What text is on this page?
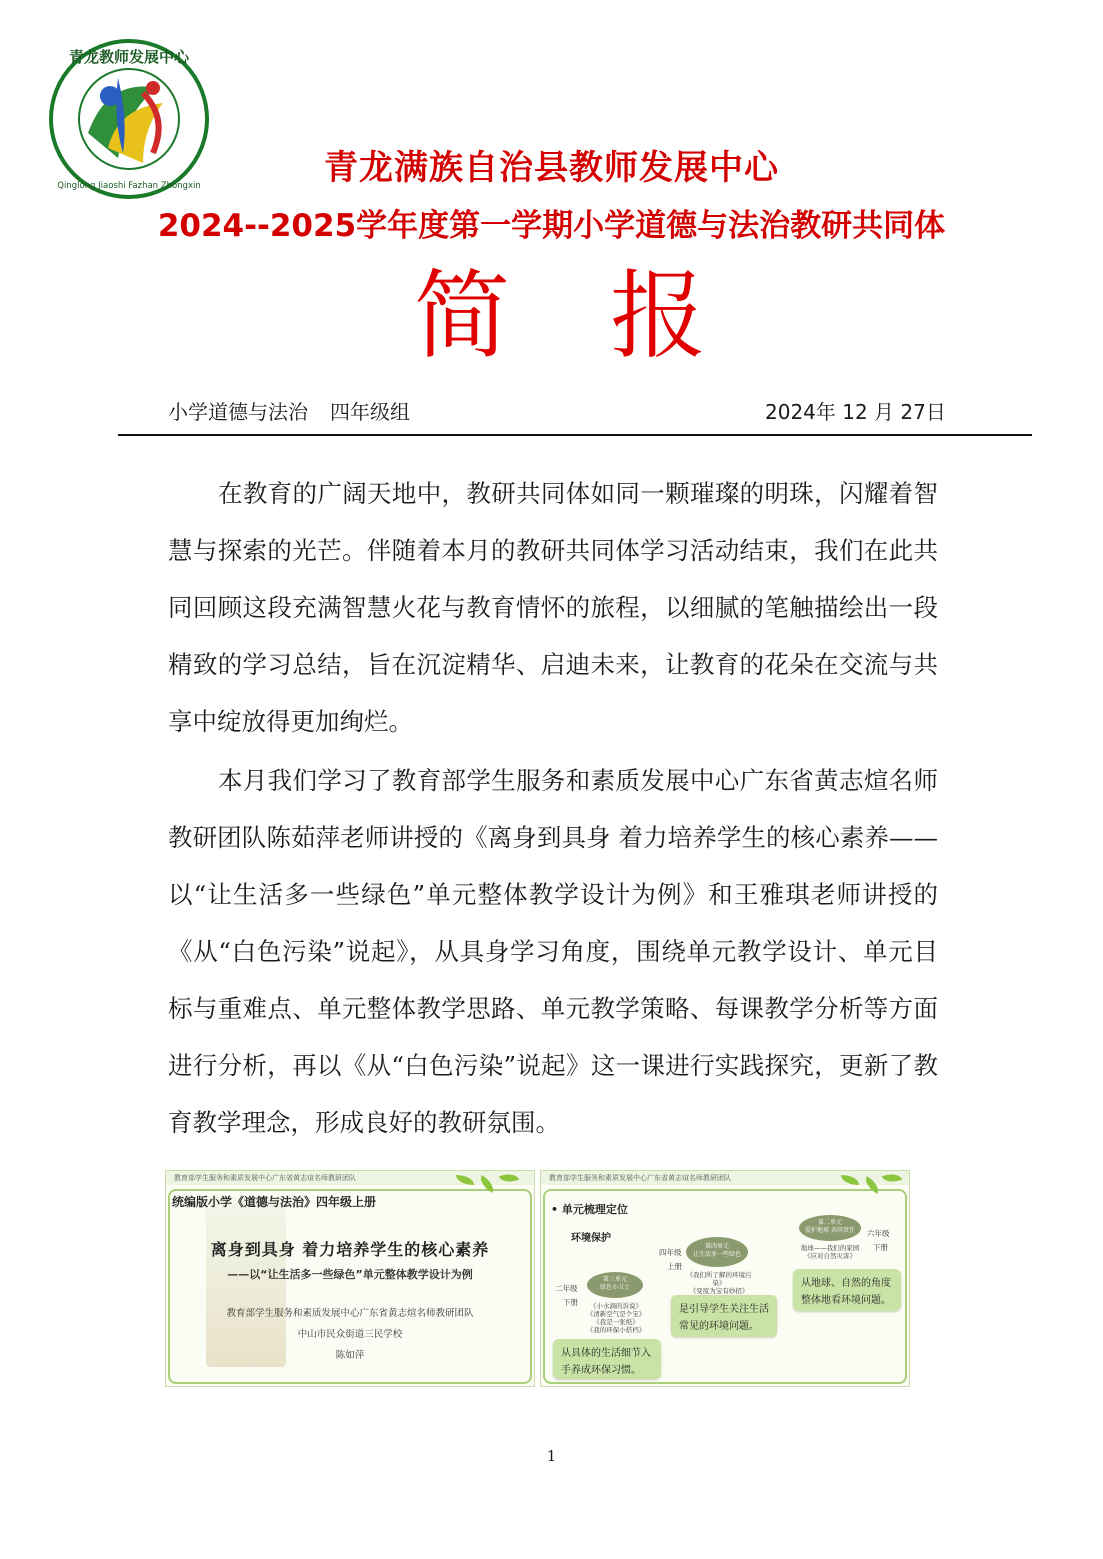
青龙教师发展中心
Qinglong Jiaoshi Fazhan Zhongxin	青龙满族自治县教师发展中心
2024--2025学年度第一学期小学道德与法治教研共同体
简报
小学道德与法治 四年级组	2024年 12 月 27日
在教育的广阔天地中，教研共同体如同一颗璀璨的明珠，闪耀着智慧与探索的光芒。伴随着本月的教研共同体学习活动结束，我们在此共同回顾这段充满智慧火花与教育情怀的旅程，以细腻的笔触描绘出一段精致的学习总结，旨在沉淀精华、启迪未来，让教育的花朵在交流与共享中绽放得更加绚烂。
本月我们学习了教育部学生服务和素质发展中心广东省黄志煊名师教研团队陈茹萍老师讲授的《离身到具身 着力培养学生的核心素养——以“让生活多一些绿色”单元整体教学设计为例》和王雅琪老师讲授的《从“白色污染”说起》，从具身学习角度，围绕单元教学设计、单元目标与重难点、单元整体教学思路、单元教学策略、每课教学分析等方面进行分析，再以《从“白色污染”说起》这一课进行实践探究，更新了教育教学理念，形成良好的教研氛围。
教育部学生服务和素质发展中心广东省黄志煊名师教研团队
统编版小学《道德与法治》四年级上册
离身到具身 着力培养学生的核心素养
——以“让生活多一些绿色”单元整体教学设计为例
教育部学生服务和素质发展中心广东省黄志煊名师教研团队
中山市民众街道三民学校
陈如萍
教育部学生服务和素质发展中心广东省黄志煊名师教研团队
• 单元梳理定位
环境保护
二年级
下册
四年级
上册
六年级
下册
第三单元
绿色小卫士
第四单元
让生活多一些绿色
第二单元
爱护地球 共同责任
《小水滴的诉说》
《清新空气是个宝》
《我是一张纸》
《我的环保小搭档》
《我们所了解的环境污染》
《变废为宝有妙招》

地球——我们的家园
《应对自然灾害》
是引导学生关注生活常见的环境问题。
从具体的生活细节入手养成环保习惯。
从地球、自然的角度整体地看环境问题。
1
